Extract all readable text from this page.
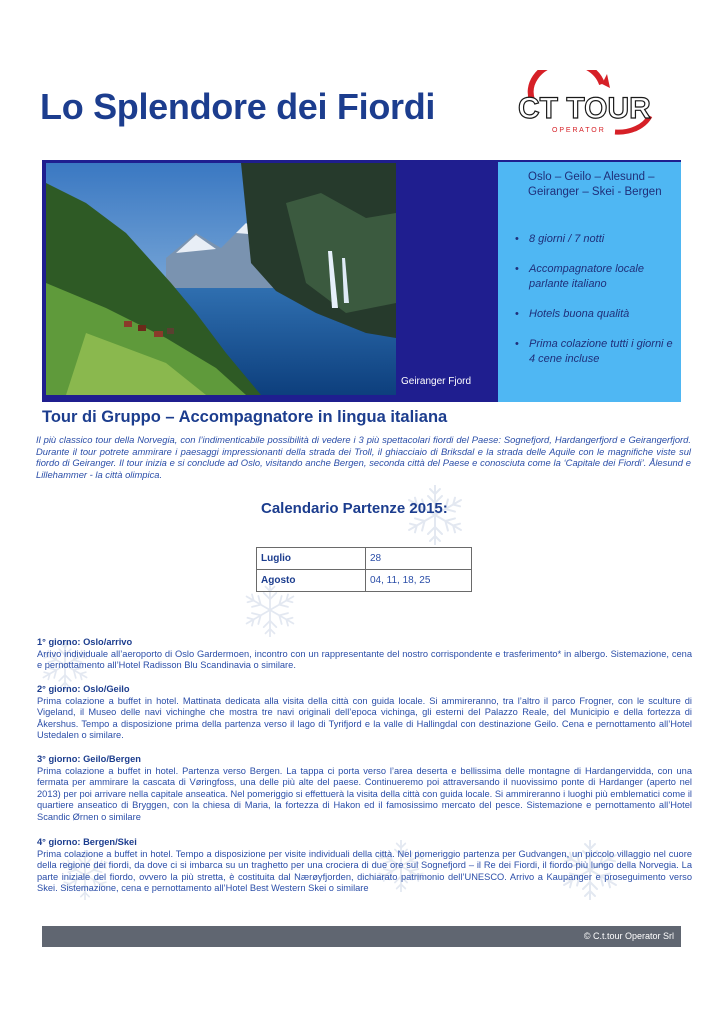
Lo Splendore dei Fiordi	CT TOUR
O P E R A T O R
Geiranger Fjord
Oslo – Geilo – Alesund – Geiranger – Skei - Bergen
• 8 giorni / 7 notti
• Accompagnatore locale parlante italiano
• Hotels buona qualità
• Prima colazione tutti i giorni e 4 cene incluse
Tour di Gruppo – Accompagnatore in lingua italiana
Il più classico tour della Norvegia, con l’indimenticabile possibilità di vedere i 3 più spettacolari fiordi del Paese: Sognefjord, Hardangerfjord e Geirangerfjord. Durante il tour potrete ammirare i paesaggi impressionanti della strada dei Troll, il ghiacciaio di Briksdal e la strada delle Aquile con le magnifiche viste sul fiordo di Geiranger. Il tour inizia e si conclude ad Oslo, visitando anche Bergen, seconda città del Paese e conosciuta come la ‘Capitale dei Fiordi’. Ålesund e Lillehammer - la città olimpica.
Calendario Partenze 2015:
Luglio	28
Agosto	04, 11, 18, 25
1° giorno: Oslo/arrivo
Arrivo individuale all’aeroporto di Oslo Gardermoen, incontro con un rappresentante del nostro corrispondente e trasferimento* in albergo. Sistemazione, cena e pernottamento all’Hotel Radisson Blu Scandinavia o similare.
2° giorno: Oslo/Geilo
Prima colazione a buffet in hotel. Mattinata dedicata alla visita della città con guida locale. Si ammireranno, tra l’altro il parco Frogner, con le sculture di Vigeland, il Museo delle navi vichinghe che mostra tre navi originali dell’epoca vichinga, gli esterni del Palazzo Reale, del Municipio e della fortezza di Åkershus. Tempo a disposizione prima della partenza verso il lago di Tyrifjord e la valle di Hallingdal con destinazione Geilo. Cena e pernottamento all’Hotel Ustedalen o similare.
3° giorno: Geilo/Bergen
Prima colazione a buffet in hotel. Partenza verso Bergen. La tappa ci porta verso l’area deserta e bellissima delle montagne di Hardangervidda, con una fermata per ammirare la cascata di Vøringfoss, una delle più alte del paese. Continueremo poi attraversando il nuovissimo ponte di Hardanger (aperto nel 2013) per poi arrivare nella capitale anseatica. Nel pomeriggio si effettuerà la visita della città con guida locale. Si ammireranno i luoghi più emblematici come il quartiere anseatico di Bryggen, con la chiesa di Maria, la fortezza di Hakon ed il famosissimo mercato del pesce. Sistemazione e pernottamento all’Hotel Scandic Ørnen o similare
4° giorno: Bergen/Skei
Prima colazione a buffet in hotel. Tempo a disposizione per visite individuali della città. Nel pomeriggio partenza per Gudvangen, un piccolo villaggio nel cuore della regione dei fiordi, da dove ci si imbarca su un traghetto per una crociera di due ore sul Sognefjord – il Re dei Fiordi, il fiordo più lungo della Norvegia. La parte iniziale del fiordo, ovvero la più stretta, è costituita dal Nærøyfjorden, dichiarato patrimonio dell’UNESCO. Arrivo a Kaupanger e proseguimento verso Skei. Sistemazione, cena e pernottamento all’Hotel Best Western Skei o similare
© C.t.tour Operator Srl
